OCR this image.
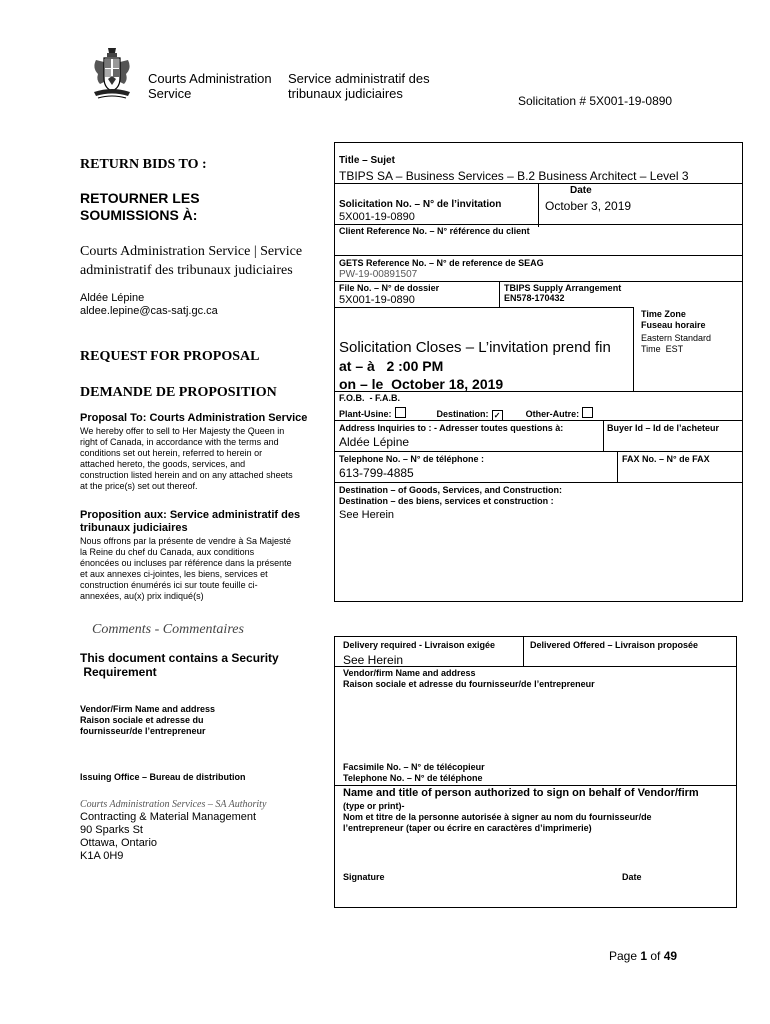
Courts Administration
Service
Service administratif des
tribunaux judiciaires	Solicitation # 5X001-19-0890
RETURN BIDS TO :
RETOURNER LES
SOUMISSIONS À:
Courts Administration Service | Service
administratif des tribunaux judiciaires
Aldée Lépine
aldee.lepine@cas-satj.gc.ca
REQUEST FOR PROPOSAL
DEMANDE DE PROPOSITION
Proposal To: Courts Administration Service
We hereby offer to sell to Her Majesty the Queen in
right of Canada, in accordance with the terms and
conditions set out herein, referred to herein or
attached hereto, the goods, services, and
construction listed herein and on any attached sheets
at the price(s) set out thereof.
Proposition aux: Service administratif des
tribunaux judiciaires
Nous offrons par la présente de vendre à Sa Majesté
la Reine du chef du Canada, aux conditions
énoncées ou incluses par référence dans la présente
et aux annexes ci-jointes, les biens, services et
construction énumérés ici sur toute feuille ci-
annexées, au(x) prix indiqué(s)
Comments - Commentaires
This document contains a Security
Requirement
Vendor/Firm Name and address
Raison sociale et adresse du
fournisseur/de l’entrepreneur
Issuing Office – Bureau de distribution
Courts Administration Services – SA Authority
Contracting & Material Management
90 Sparks St
Ottawa, Ontario
K1A 0H9
Title – Sujet
TBIPS SA – Business Services – B.2 Business Architect – Level 3
Solicitation No. – N° de l’invitation
5X001-19-0890
Date
October 3, 2019
Client Reference No. – N° référence du client
GETS Reference No. – N° de reference de SEAG
PW-19-00891507
File No. – N° de dossier
5X001-19-0890
TBIPS Supply Arrangement
EN578-170432
Solicitation Closes – L’invitation prend fin
at – à   2 :00 PM
on – le  October 18, 2019
Time Zone
Fuseau horaire
Eastern Standard
Time  EST
F.O.B.  - F.A.B.
Plant-Usine:	Destination:✓	Other-Autre:
Address Inquiries to : - Adresser toutes questions à:
Aldée Lépine
Buyer Id – Id de l’acheteur
Telephone No. – N° de téléphone :
613-799-4885
FAX No. – N° de FAX
Destination – of Goods, Services, and Construction:
Destination – des biens, services et construction :
See Herein
Delivery required - Livraison exigée
See Herein
Delivered Offered – Livraison proposée
Vendor/firm Name and address
Raison sociale et adresse du fournisseur/de l’entrepreneur
Facsimile No. – N° de télécopieur
Telephone No. – N° de téléphone
Name and title of person authorized to sign on behalf of Vendor/firm
(type or print)-
Nom et titre de la personne autorisée à signer au nom du fournisseur/de
l’entrepreneur (taper ou écrire en caractères d’imprimerie)
Signature	Date
Page 1 of 49
